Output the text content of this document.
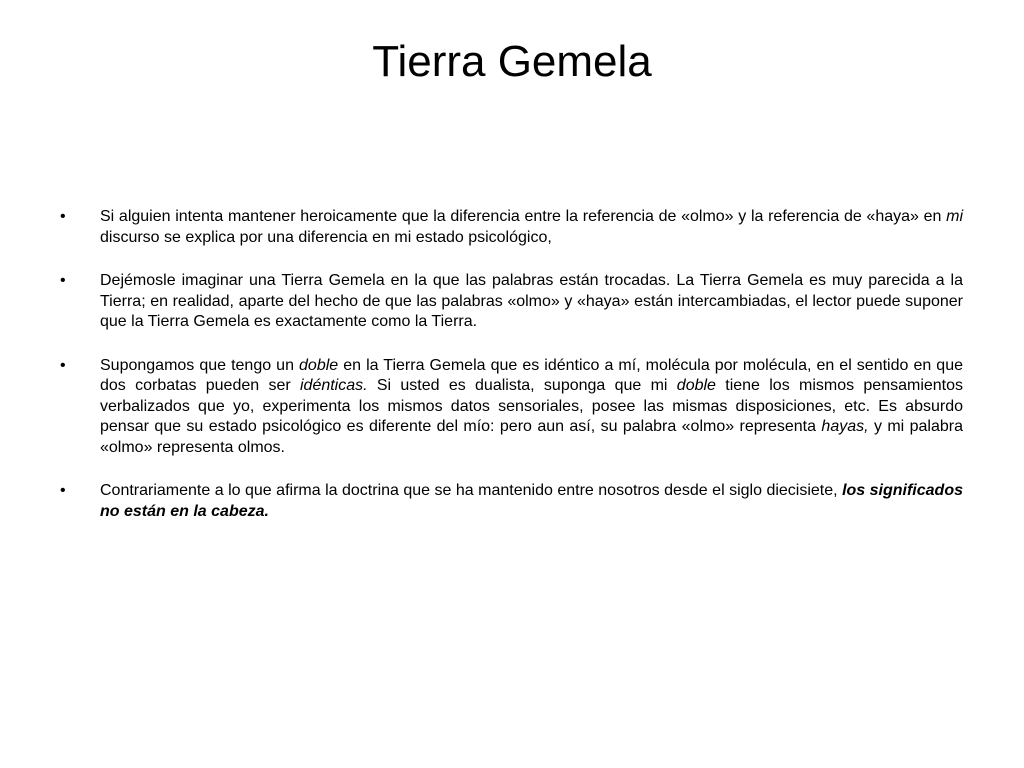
Tierra Gemela
•	Si alguien intenta mantener heroicamente que la diferencia entre la referencia de «olmo» y la referencia de «haya» en mi discurso se explica por una diferencia en mi estado psicológico,
•	Dejémosle imaginar una Tierra Gemela en la que las palabras están trocadas. La Tierra Gemela es muy parecida a la Tierra; en realidad, aparte del hecho de que las palabras «olmo» y «haya» están intercambiadas, el lector puede suponer que la Tierra Gemela es exactamente como la Tierra.
•	Supongamos que tengo un doble en la Tierra Gemela que es idéntico a mí, molécula por molécula, en el sentido en que dos corbatas pueden ser idénticas. Si usted es dualista, suponga que mi doble tiene los mismos pensamientos verbalizados que yo, experimenta los mismos datos sensoriales, posee las mismas disposiciones, etc. Es absurdo pensar que su estado psicológico es diferente del mío: pero aun así, su palabra «olmo» representa hayas, y mi palabra «olmo» representa olmos.
•	Contrariamente a lo que afirma la doctrina que se ha mantenido entre nosotros desde el siglo diecisiete, los significados no están en la cabeza.
